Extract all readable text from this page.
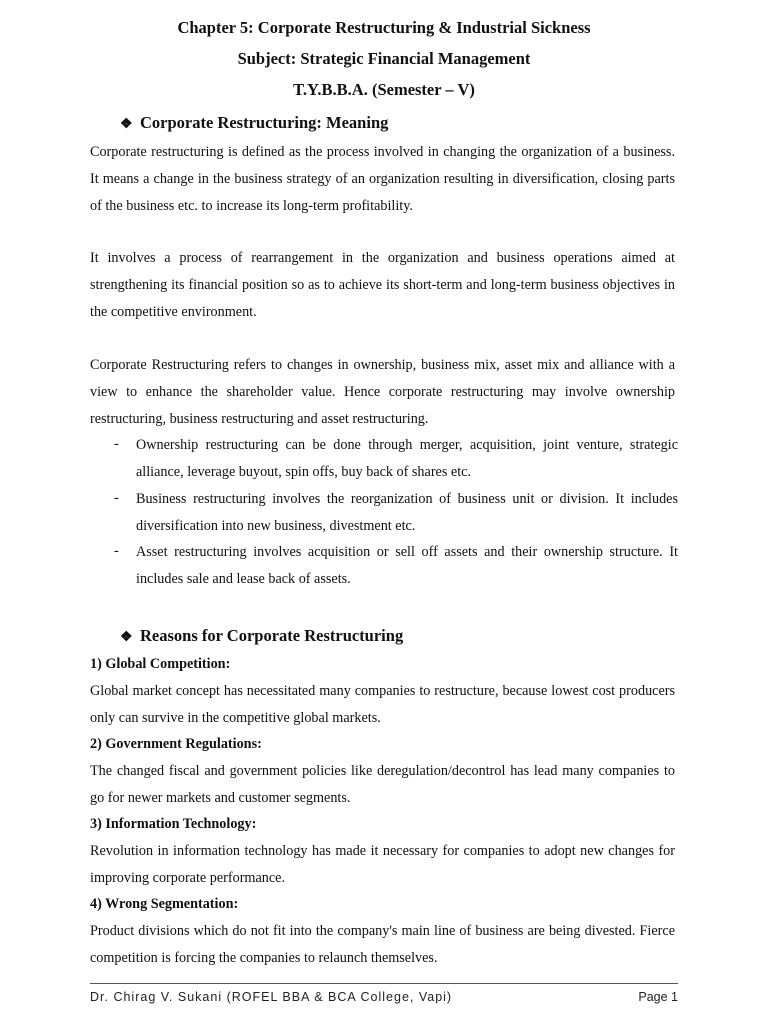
Chapter 5: Corporate Restructuring & Industrial Sickness
Subject: Strategic Financial Management
T.Y.B.B.A. (Semester – V)
❖ Corporate Restructuring: Meaning
Corporate restructuring is defined as the process involved in changing the organization of a business. It means a change in the business strategy of an organization resulting in diversification, closing parts of the business etc. to increase its long-term profitability.
It involves a process of rearrangement in the organization and business operations aimed at strengthening its financial position so as to achieve its short-term and long-term business objectives in the competitive environment.
Corporate Restructuring refers to changes in ownership, business mix, asset mix and alliance with a view to enhance the shareholder value. Hence corporate restructuring may involve ownership restructuring, business restructuring and asset restructuring.
- Ownership restructuring can be done through merger, acquisition, joint venture, strategic alliance, leverage buyout, spin offs, buy back of shares etc.
- Business restructuring involves the reorganization of business unit or division. It includes diversification into new business, divestment etc.
- Asset restructuring involves acquisition or sell off assets and their ownership structure. It includes sale and lease back of assets.
❖ Reasons for Corporate Restructuring
1) Global Competition:
Global market concept has necessitated many companies to restructure, because lowest cost producers only can survive in the competitive global markets.
2) Government Regulations:
The changed fiscal and government policies like deregulation/decontrol has lead many companies to go for newer markets and customer segments.
3) Information Technology:
Revolution in information technology has made it necessary for companies to adopt new changes for improving corporate performance.
4) Wrong Segmentation:
Product divisions which do not fit into the company's main line of business are being divested. Fierce competition is forcing the companies to relaunch themselves.
Dr. Chirag V. Sukani (ROFEL BBA & BCA College, Vapi)	Page 1
